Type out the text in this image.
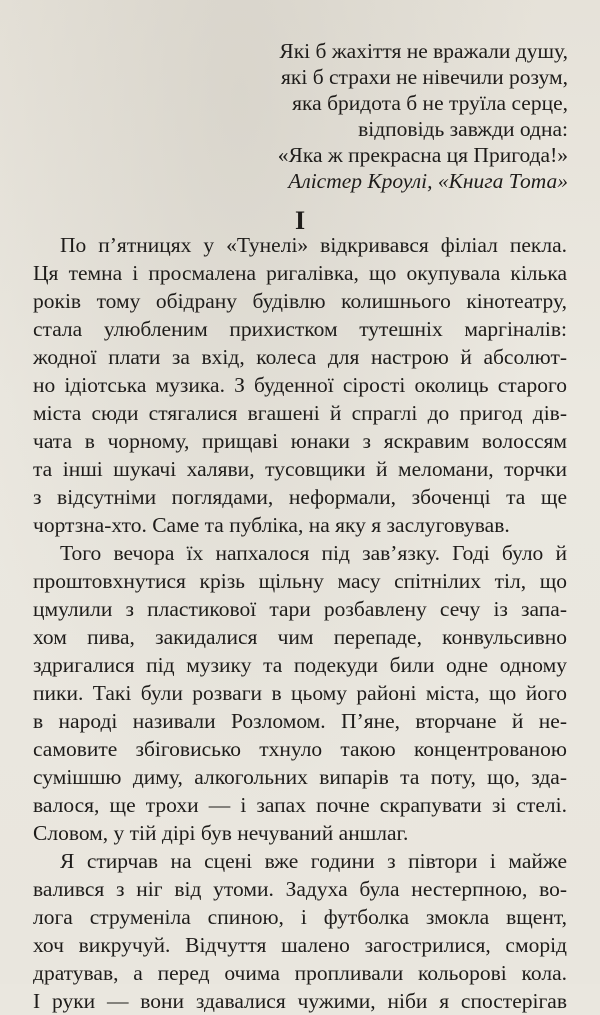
Які б жахіття не вражали душу,
які б страхи не нівечили розум,
яка бридота б не труїла серце,
відповідь завжди одна:
«Яка ж прекрасна ця Пригода!»
Алістер Кроулі, «Книга Тота»
І
По п’ятницях у «Тунелі» відкривався філіал пекла.
Ця темна і просмалена ригалівка, що окупувала кілька
років тому обідрану будівлю колишнього кінотеатру,
стала улюбленим прихистком тутешніх маргіналів:
жодної плати за вхід, колеса для настрою й абсолют-
но ідіотська музика. З буденної сірості околиць старого
міста сюди стягалися вгашені й спраглі до пригод дів-
чата в чорному, прищаві юнаки з яскравим волоссям
та інші шукачі халяви, тусовщики й меломани, торчки
з відсутніми поглядами, неформали, збоченці та ще
чортзна-хто. Саме та публіка, на яку я заслуговував.
Того вечора їх напхалося під зав’язку. Годі було й
проштовхнутися крізь щільну масу спітнілих тіл, що
цмулили з пластикової тари розбавлену сечу із запа-
хом пива, закидалися чим перепаде, конвульсивно
здригалися під музику та подекуди били одне одному
пики. Такі були розваги в цьому районі міста, що його
в народі називали Розломом. П’яне, вторчане й не-
самовите збіговисько тхнуло такою концентрованою
сумішшю диму, алкогольних випарів та поту, що, зда-
валося, ще трохи — і запах почне скрапувати зі стелі.
Словом, у тій дірі був нечуваний аншлаг.
Я стирчав на сцені вже години з півтори і майже
валився з ніг від утоми. Задуха була нестерпною, во-
лога струменіла спиною, і футболка змокла вщент,
хоч викручуй. Відчуття шалено загострилися, сморід
дратував, а перед очима пропливали кольорові кола.
І руки — вони здавалися чужими, ніби я спостерігав
